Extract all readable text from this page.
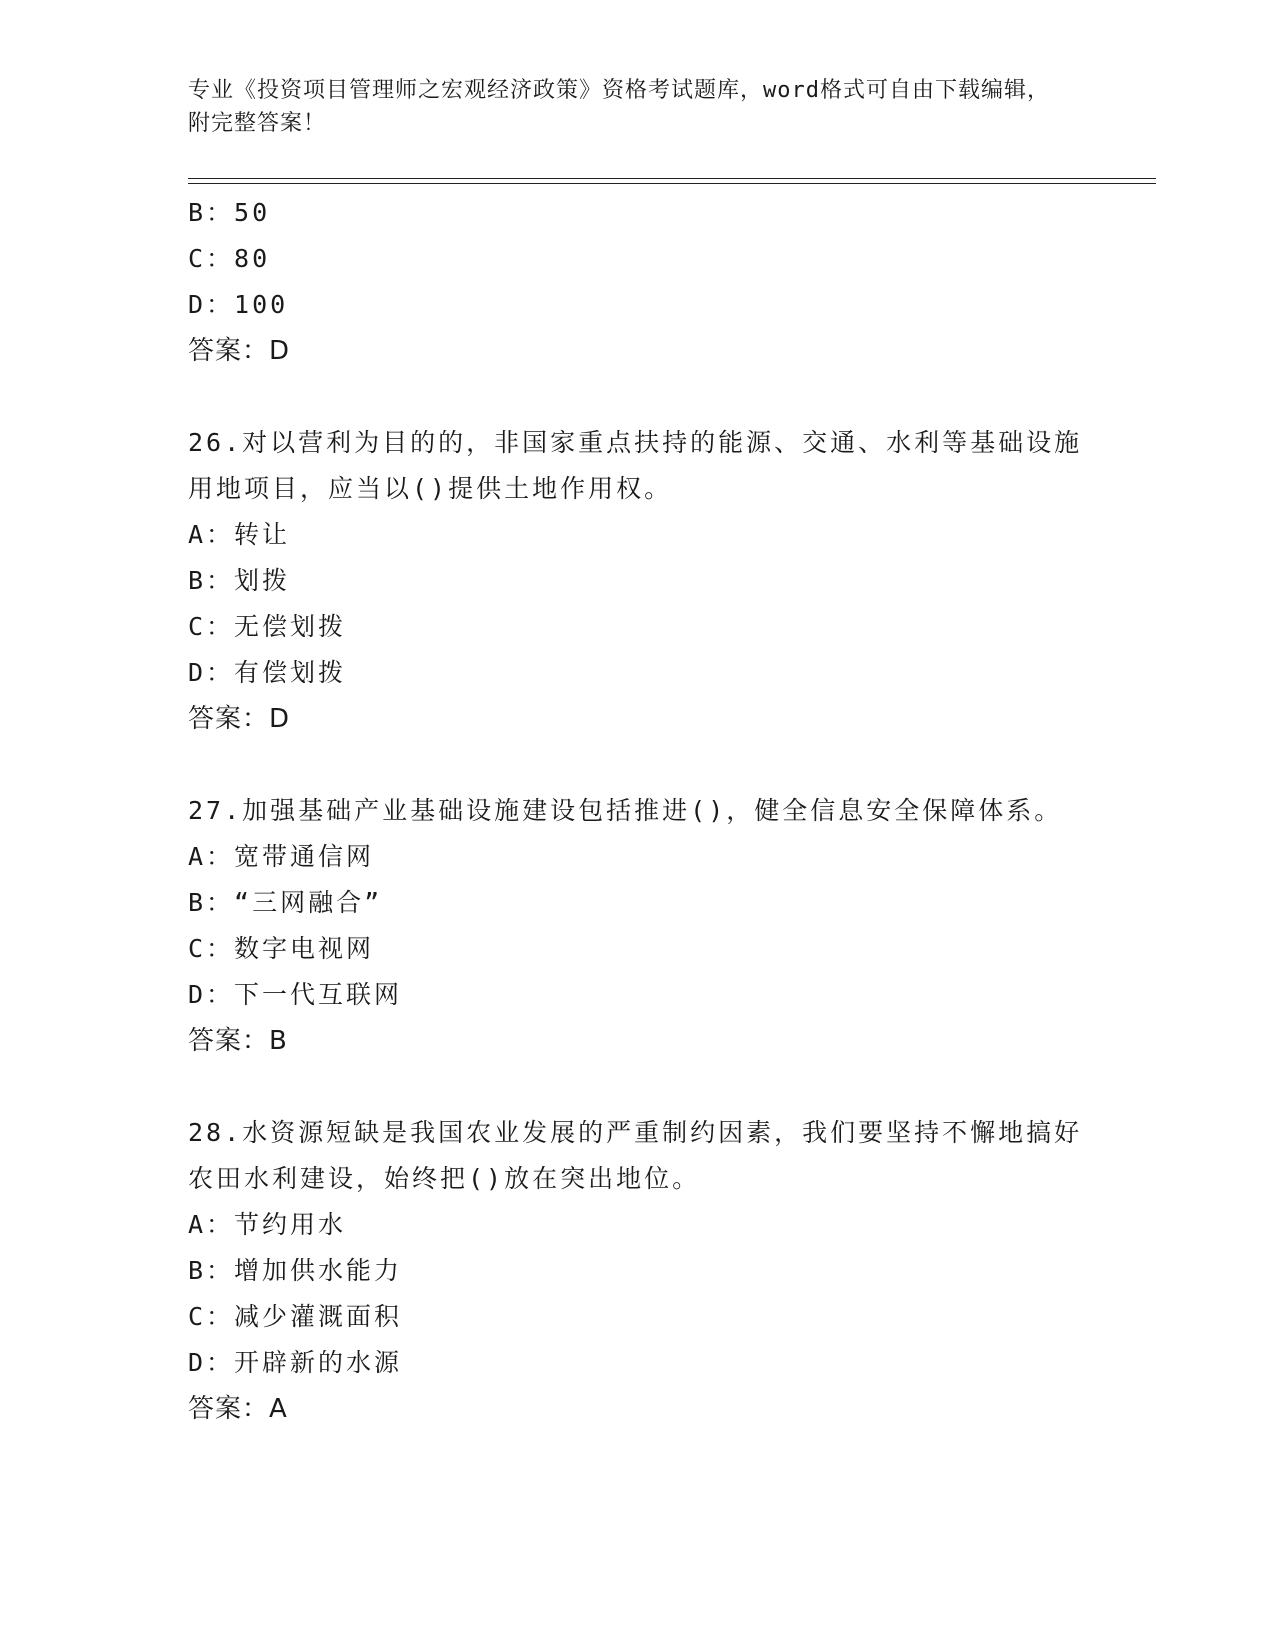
专业《投资项目管理师之宏观经济政策》资格考试题库，word格式可自由下载编辑，附完整答案！
B：50
C：80
D：100
答案：D
26.对以营利为目的的，非国家重点扶持的能源、交通、水利等基础设施用地项目，应当以()提供土地作用权。
A：转让
B：划拨
C：无偿划拨
D：有偿划拨
答案：D
27.加强基础产业基础设施建设包括推进()，健全信息安全保障体系。
A：宽带通信网
B：“三网融合”
C：数字电视网
D：下一代互联网
答案：B
28.水资源短缺是我国农业发展的严重制约因素，我们要坚持不懈地搞好农田水利建设，始终把()放在突出地位。
A：节约用水
B：增加供水能力
C：减少灌溉面积
D：开辟新的水源
答案：A
